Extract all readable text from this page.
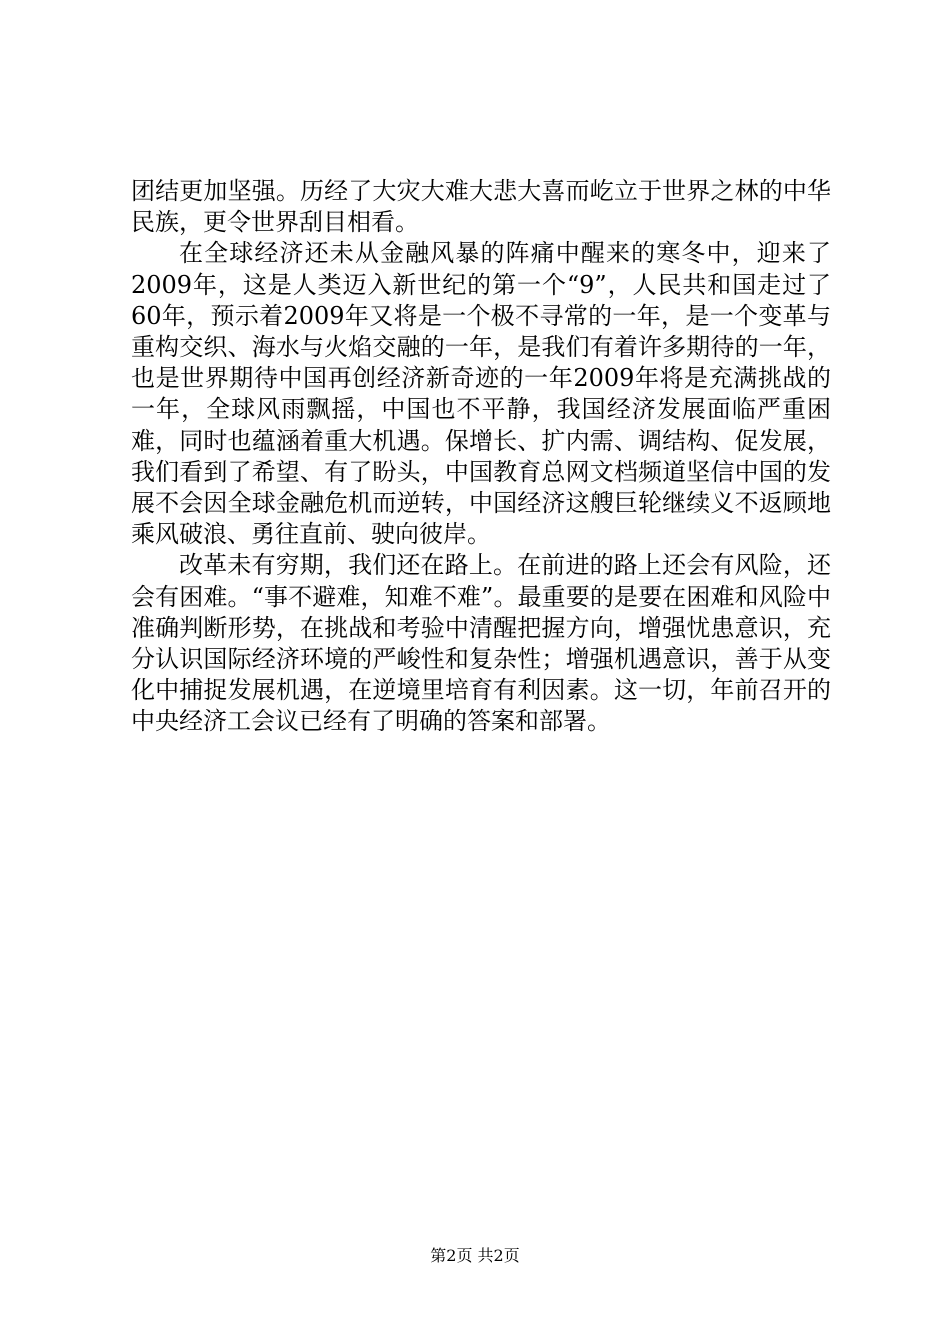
团结更加坚强。历经了大灾大难大悲大喜而屹立于世界之林的中华民族，更令世界刮目相看。

在全球经济还未从金融风暴的阵痛中醒来的寒冬中，迎来了2009年，这是人类迈入新世纪的第一个“9”，人民共和国走过了60年，预示着2009年又将是一个极不寻常的一年，是一个变革与重构交织、海水与火焰交融的一年，是我们有着许多期待的一年，也是世界期待中国再创经济新奇迹的一年2009年将是充满挑战的一年，全球风雨飘摇，中国也不平静，我国经济发展面临严重困难，同时也蕴涵着重大机遇。保增长、扩内需、调结构、促发展，我们看到了希望、有了盼头，中国教育总网文档频道坚信中国的发展不会因全球金融危机而逆转，中国经济这艘巨轮继续义不返顾地乘风破浪、勇往直前、驶向彼岸。

改革未有穷期，我们还在路上。在前进的路上还会有风险，还会有困难。“事不避难，知难不难”。最重要的是要在困难和风险中准确判断形势，在挑战和考验中清醒把握方向，增强忧患意识，充分认识国际经济环境的严峻性和复杂性；增强机遇意识，善于从变化中捕捉发展机遇，在逆境里培育有利因素。这一切，年前召开的中央经济工会议已经有了明确的答案和部署。

第2页 共2页
